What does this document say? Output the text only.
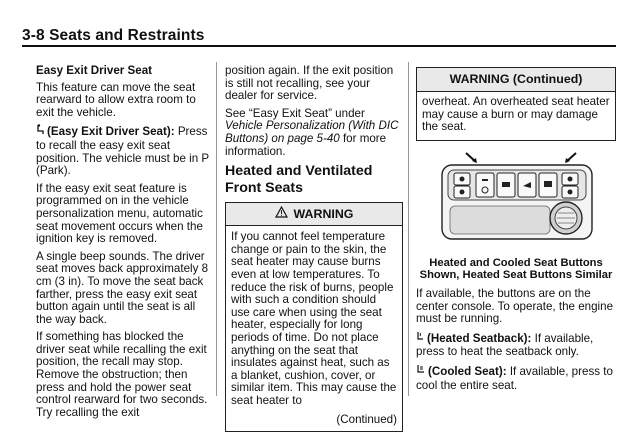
3-8 Seats and Restraints

Easy Exit Driver Seat

This feature can move the seat rearward to allow extra room to exit the vehicle.

(Easy Exit Driver Seat): Press to recall the easy exit seat position. The vehicle must be in P (Park).

If the easy exit seat feature is programmed on in the vehicle personalization menu, automatic seat movement occurs when the ignition key is removed.

A single beep sounds. The driver seat moves back approximately 8 cm (3 in). To move the seat back farther, press the easy exit seat button again until the seat is all the way back.

If something has blocked the driver seat while recalling the exit position, the recall may stop. Remove the obstruction; then press and hold the power seat control rearward for two seconds. Try recalling the exit

position again. If the exit position is still not recalling, see your dealer for service.

See “Easy Exit Seat” under Vehicle Personalization (With DIC Buttons) on page 5-40 for more information.

Heated and Ventilated Front Seats

WARNING

If you cannot feel temperature change or pain to the skin, the seat heater may cause burns even at low temperatures. To reduce the risk of burns, people with such a condition should use care when using the seat heater, especially for long periods of time. Do not place anything on the seat that insulates against heat, such as a blanket, cushion, cover, or similar item. This may cause the seat heater to

(Continued)

WARNING (Continued)

overheat. An overheated seat heater may cause a burn or may damage the seat.

Heated and Cooled Seat Buttons Shown, Heated Seat Buttons Similar

If available, the buttons are on the center console. To operate, the engine must be running.

(Heated Seatback): If available, press to heat the seatback only.

(Cooled Seat): If available, press to cool the entire seat.
